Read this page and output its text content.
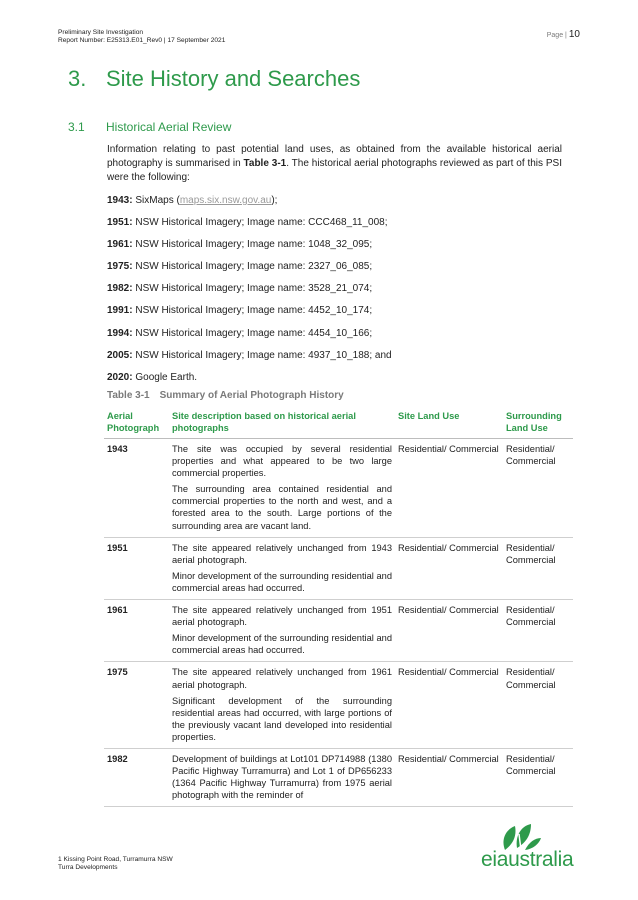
Preliminary Site Investigation
Report Number: E25313.E01_Rev0 | 17 September 2021
Page | 10
3. Site History and Searches
3.1 Historical Aerial Review
Information relating to past potential land uses, as obtained from the available historical aerial photography is summarised in Table 3-1. The historical aerial photographs reviewed as part of this PSI were the following:
1943: SixMaps (maps.six.nsw.gov.au);
1951: NSW Historical Imagery; Image name: CCC468_11_008;
1961: NSW Historical Imagery; Image name: 1048_32_095;
1975: NSW Historical Imagery; Image name: 2327_06_085;
1982: NSW Historical Imagery; Image name: 3528_21_074;
1991: NSW Historical Imagery; Image name: 4452_10_174;
1994: NSW Historical Imagery; Image name: 4454_10_166;
2005: NSW Historical Imagery; Image name: 4937_10_188; and
2020: Google Earth.
Table 3-1 Summary of Aerial Photograph History
Aerial Photograph	Site description based on historical aerial photographs	Site Land Use	Surrounding Land Use
1943	The site was occupied by several residential properties and what appeared to be two large commercial properties.

The surrounding area contained residential and commercial properties to the north and west, and a forested area to the south. Large portions of the surrounding area are vacant land.	Residential/ Commercial	Residential/ Commercial
1951	The site appeared relatively unchanged from 1943 aerial photograph.

Minor development of the surrounding residential and commercial areas had occurred.	Residential/ Commercial	Residential/ Commercial
1961	The site appeared relatively unchanged from 1951 aerial photograph.

Minor development of the surrounding residential and commercial areas had occurred.	Residential/ Commercial	Residential/ Commercial
1975	The site appeared relatively unchanged from 1961 aerial photograph.

Significant development of the surrounding residential areas had occurred, with large portions of the previously vacant land developed into residential properties.	Residential/ Commercial	Residential/ Commercial
1982	Development of buildings at Lot101 DP714988 (1380 Pacific Highway Turramurra) and Lot 1 of DP656233 (1364 Pacific Highway Turramurra) from 1975 aerial photograph with the reminder of	Residential/ Commercial	Residential/ Commercial
1 Kissing Point Road, Turramurra NSW
Turra Developments	eiaustralia
